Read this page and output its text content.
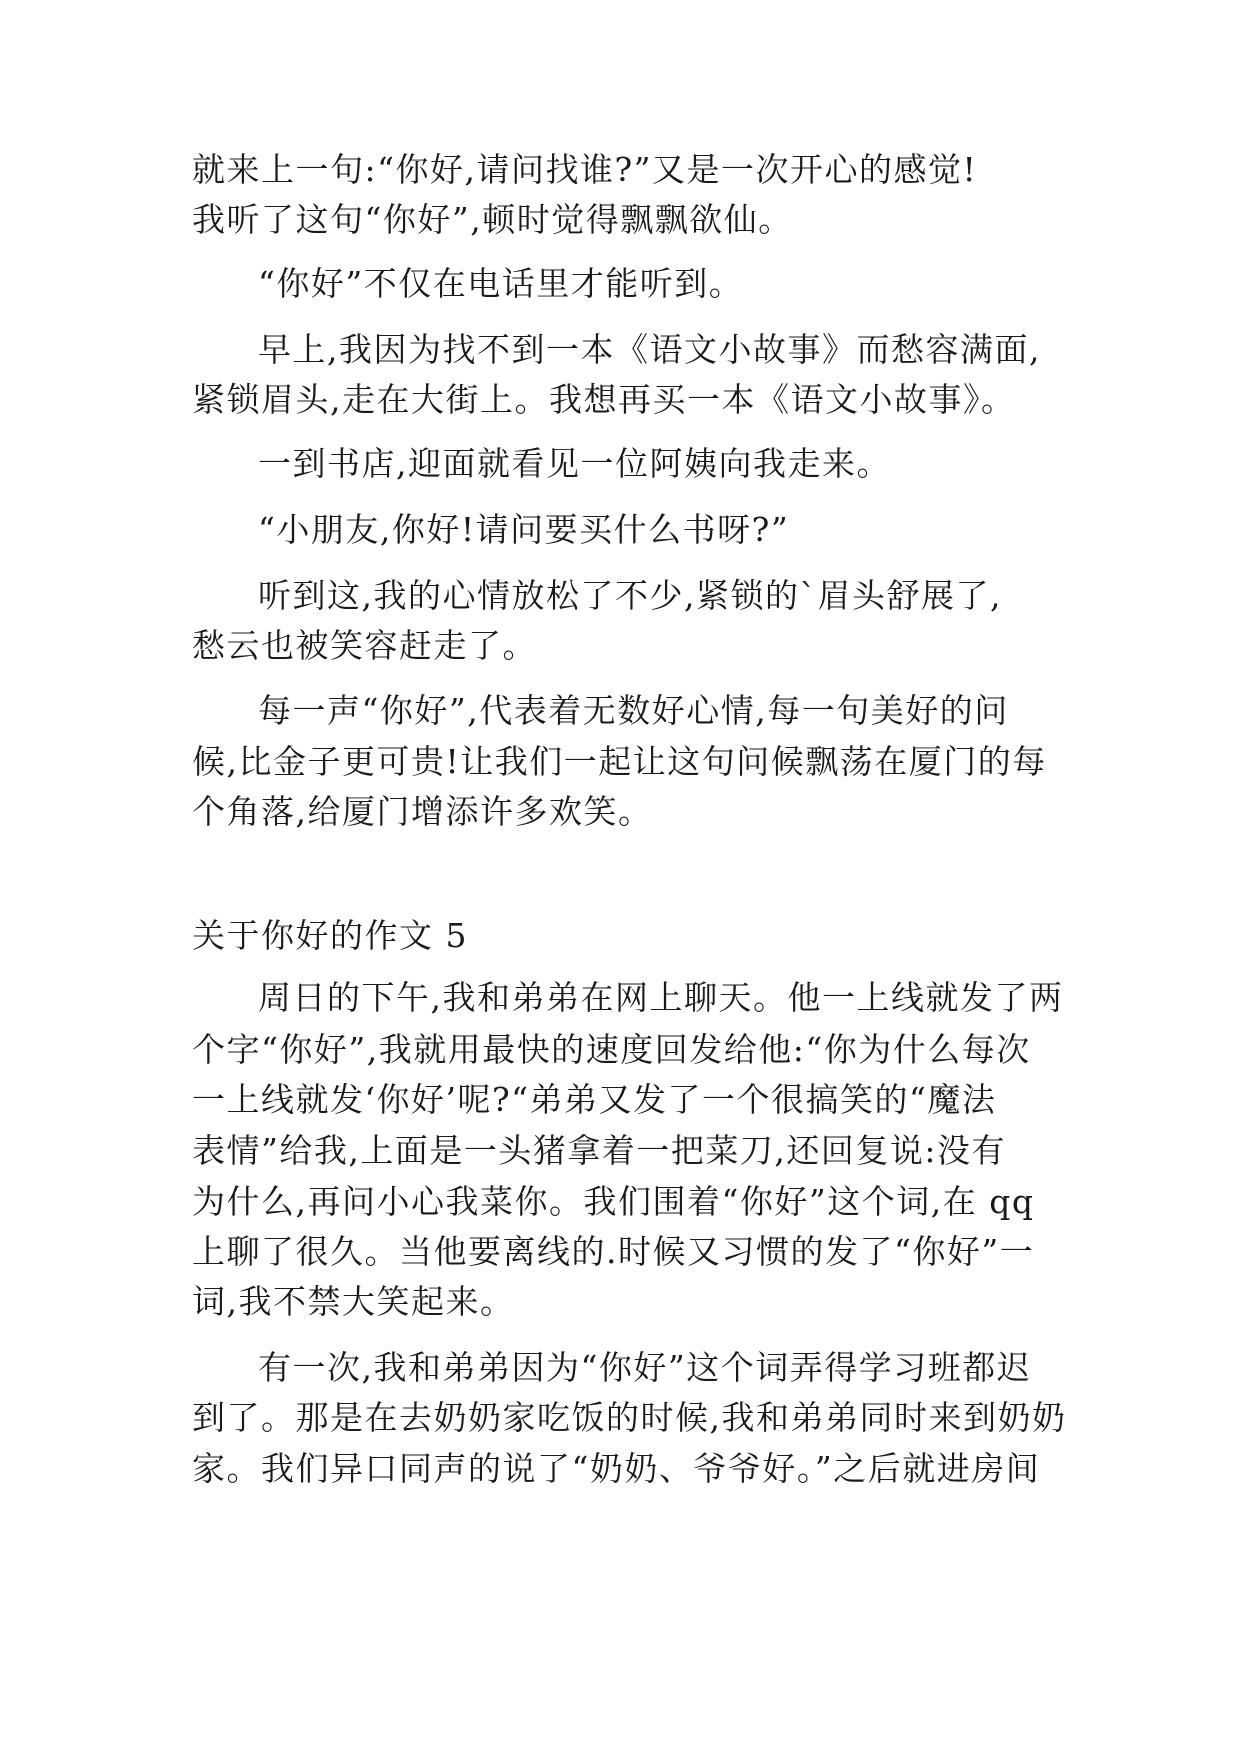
就来上一句:“你好,请问找谁?”又是一次开心的感觉!
我听了这句“你好”,顿时觉得飘飘欲仙。
“你好”不仅在电话里才能听到。
早上,我因为找不到一本《语文小故事》而愁容满面,
紧锁眉头,走在大街上。我想再买一本《语文小故事》。
一到书店,迎面就看见一位阿姨向我走来。
“小朋友,你好!请问要买什么书呀?”
听到这,我的心情放松了不少,紧锁的`眉头舒展了,
愁云也被笑容赶走了。
每一声“你好”,代表着无数好心情,每一句美好的问
候,比金子更可贵!让我们一起让这句问候飘荡在厦门的每
个角落,给厦门增添许多欢笑。
关于你好的作文 5
周日的下午,我和弟弟在网上聊天。他一上线就发了两
个字“你好”,我就用最快的速度回发给他:“你为什么每次
一上线就发‘你好’呢?“弟弟又发了一个很搞笑的“魔法
表情”给我,上面是一头猪拿着一把菜刀,还回复说:没有
为什么,再问小心我菜你。我们围着“你好”这个词,在 qq
上聊了很久。当他要离线的.时候又习惯的发了“你好”一
词,我不禁大笑起来。
有一次,我和弟弟因为“你好”这个词弄得学习班都迟
到了。那是在去奶奶家吃饭的时候,我和弟弟同时来到奶奶
家。我们异口同声的说了“奶奶、爷爷好。”之后就进房间
